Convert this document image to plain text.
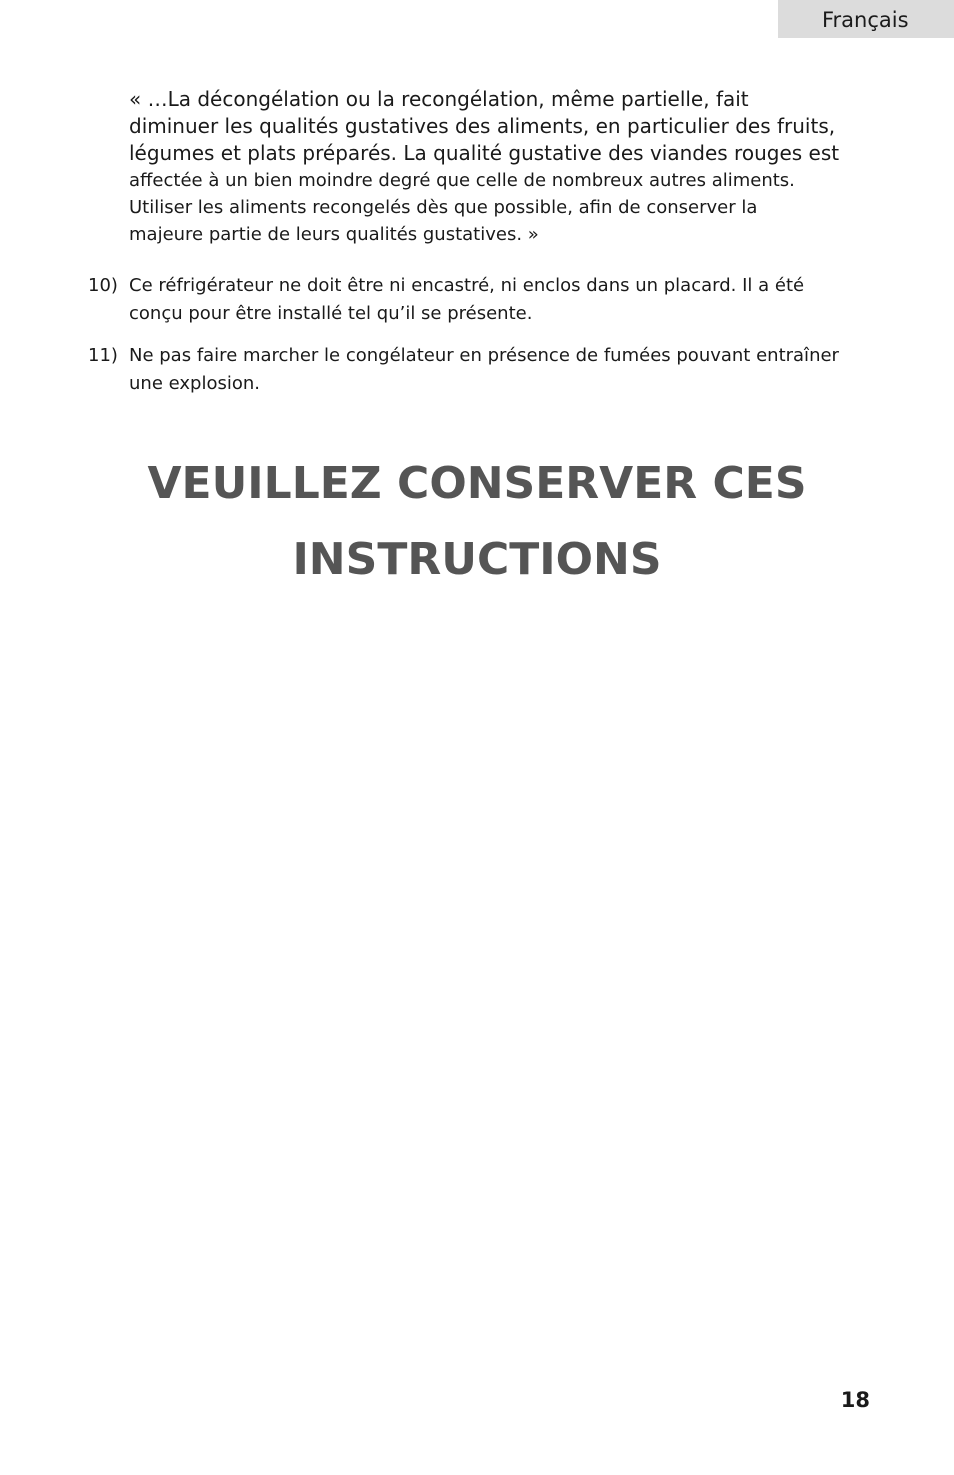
Français
« …La décongélation ou la recongélation, même partielle, fait
diminuer les qualités gustatives des aliments, en particulier des fruits,
légumes et plats préparés. La qualité gustative des viandes rouges est
affectée à un bien moindre degré que celle de nombreux autres aliments.
Utiliser les aliments recongelés dès que possible, afin de conserver la
majeure partie de leurs qualités gustatives. »
10) Ce réfrigérateur ne doit être ni encastré, ni enclos dans un placard. Il a été conçu pour être installé tel qu’il se présente.
11) Ne pas faire marcher le congélateur en présence de fumées pouvant entraîner une explosion.
VEUILLEZ CONSERVER CES
INSTRUCTIONS
18
